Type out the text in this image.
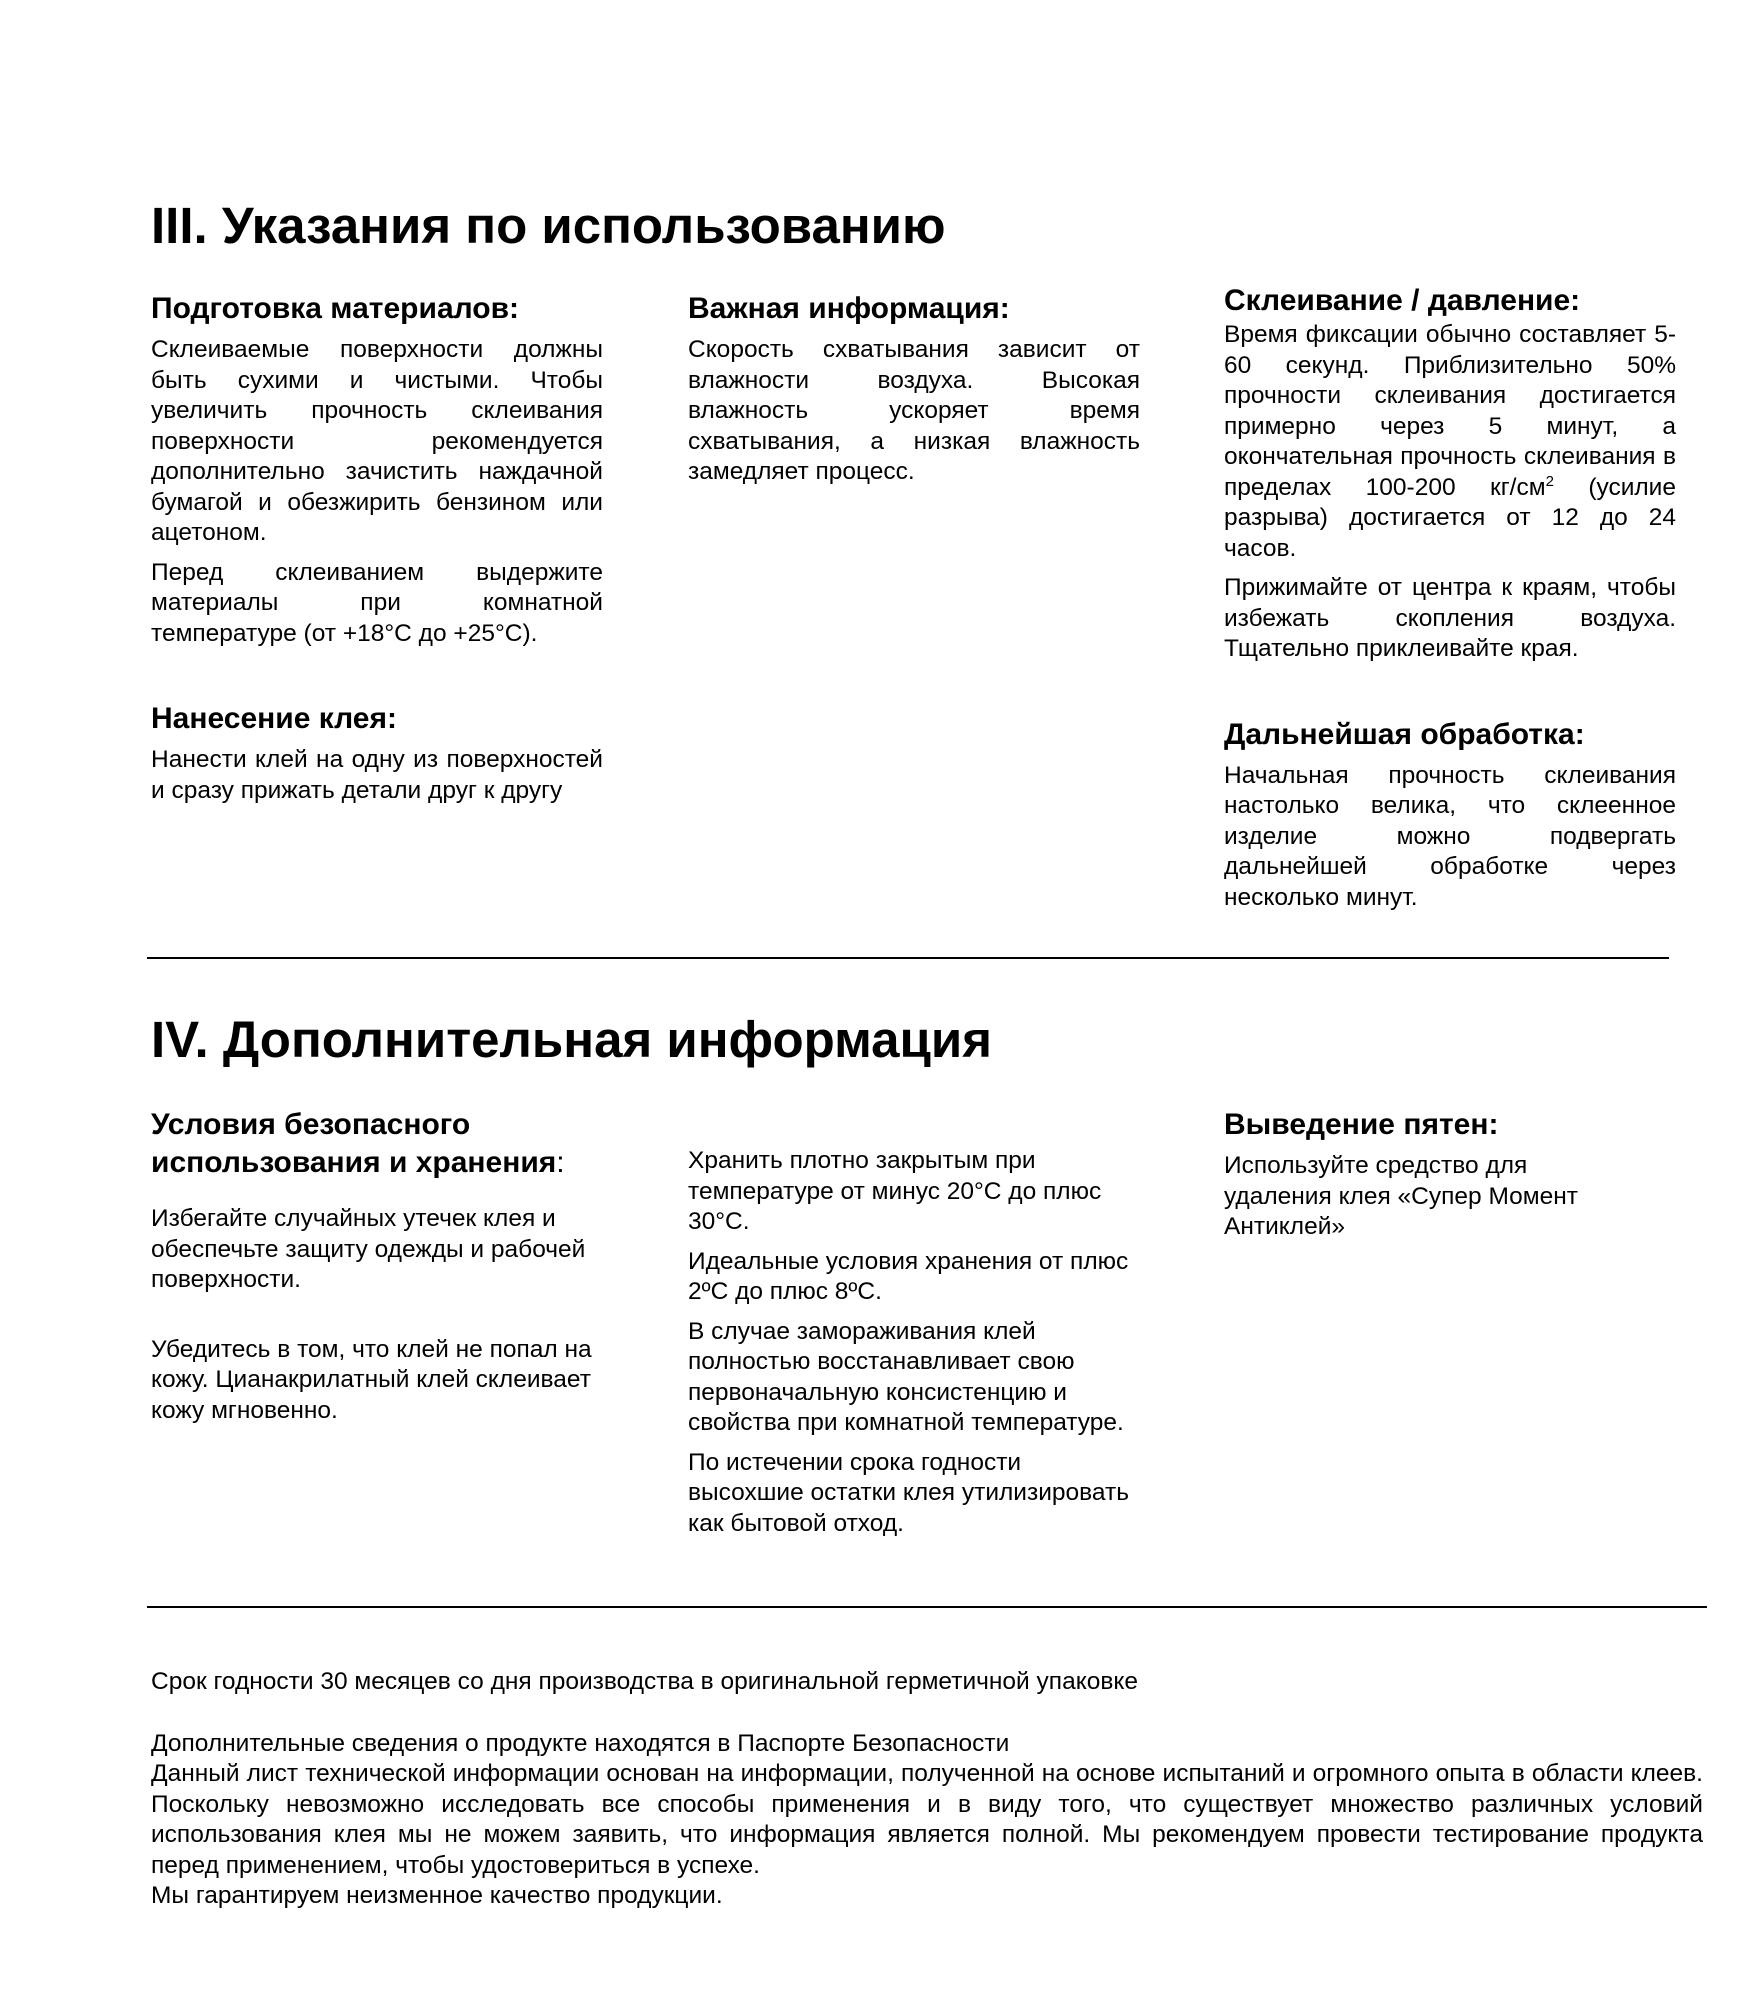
III. Указания по использованию
Подготовка материалов:
Склеиваемые поверхности должны быть сухими и чистыми. Чтобы увеличить прочность склеивания поверхности рекомендуется дополнительно зачистить наждачной бумагой и обезжирить бензином или ацетоном.
Перед склеиванием выдержите материалы при комнатной температуре (от +18°C до +25°C).
Нанесение клея:
Нанести клей на одну из поверхностей и сразу прижать детали друг к другу
Важная информация:
Скорость схватывания зависит от влажности воздуха. Высокая влажность ускоряет время схватывания, а низкая влажность замедляет процесс.
Склеивание / давление:
Время фиксации обычно составляет 5-60 секунд. Приблизительно 50% прочности склеивания достигается примерно через 5 минут, а окончательная прочность склеивания в пределах 100-200 $кг/см^2$ (усилие разрыва) достигается от 12 до 24 часов.
Прижимайте от центра к краям, чтобы избежать скопления воздуха. Тщательно приклеивайте края.
Дальнейшая обработка:
Начальная прочность склеивания настолько велика, что склеенное изделие можно подвергать дальнейшей обработке через несколько минут.
IV. Дополнительная информация
Условия безопасного
использования и хранения:
Избегайте случайных утечек клея и обеспечьте защиту одежды и рабочей поверхности.
Убедитесь в том, что клей не попал на кожу. Цианакрилатный клей склеивает кожу мгновенно.
Хранить плотно закрытым при температуре от минус 20°C до плюс 30°C.
Идеальные условия хранения от плюс 2ºС до плюс 8ºС.
В случае замораживания клей полностью восстанавливает свою первоначальную консистенцию и свойства при комнатной температуре.
По истечении срока годности высохшие остатки клея утилизировать как бытовой отход.
Выведение пятен:
Используйте средство для удаления клея «Супер Момент Антиклей»

Срок годности 30 месяцев со дня производства в оригинальной герметичной упаковке

Дополнительные сведения о продукте находятся в Паспорте Безопасности

Данный лист технической информации основан на информации, полученной на основе испытаний и огромного опыта в области клеев. Поскольку невозможно исследовать все способы применения и в виду того, что существует множество различных условий использования клея мы не можем заявить, что информация является полной. Мы рекомендуем провести тестирование продукта перед применением, чтобы удостовериться в успехе.

Мы гарантируем неизменное качество продукции.
